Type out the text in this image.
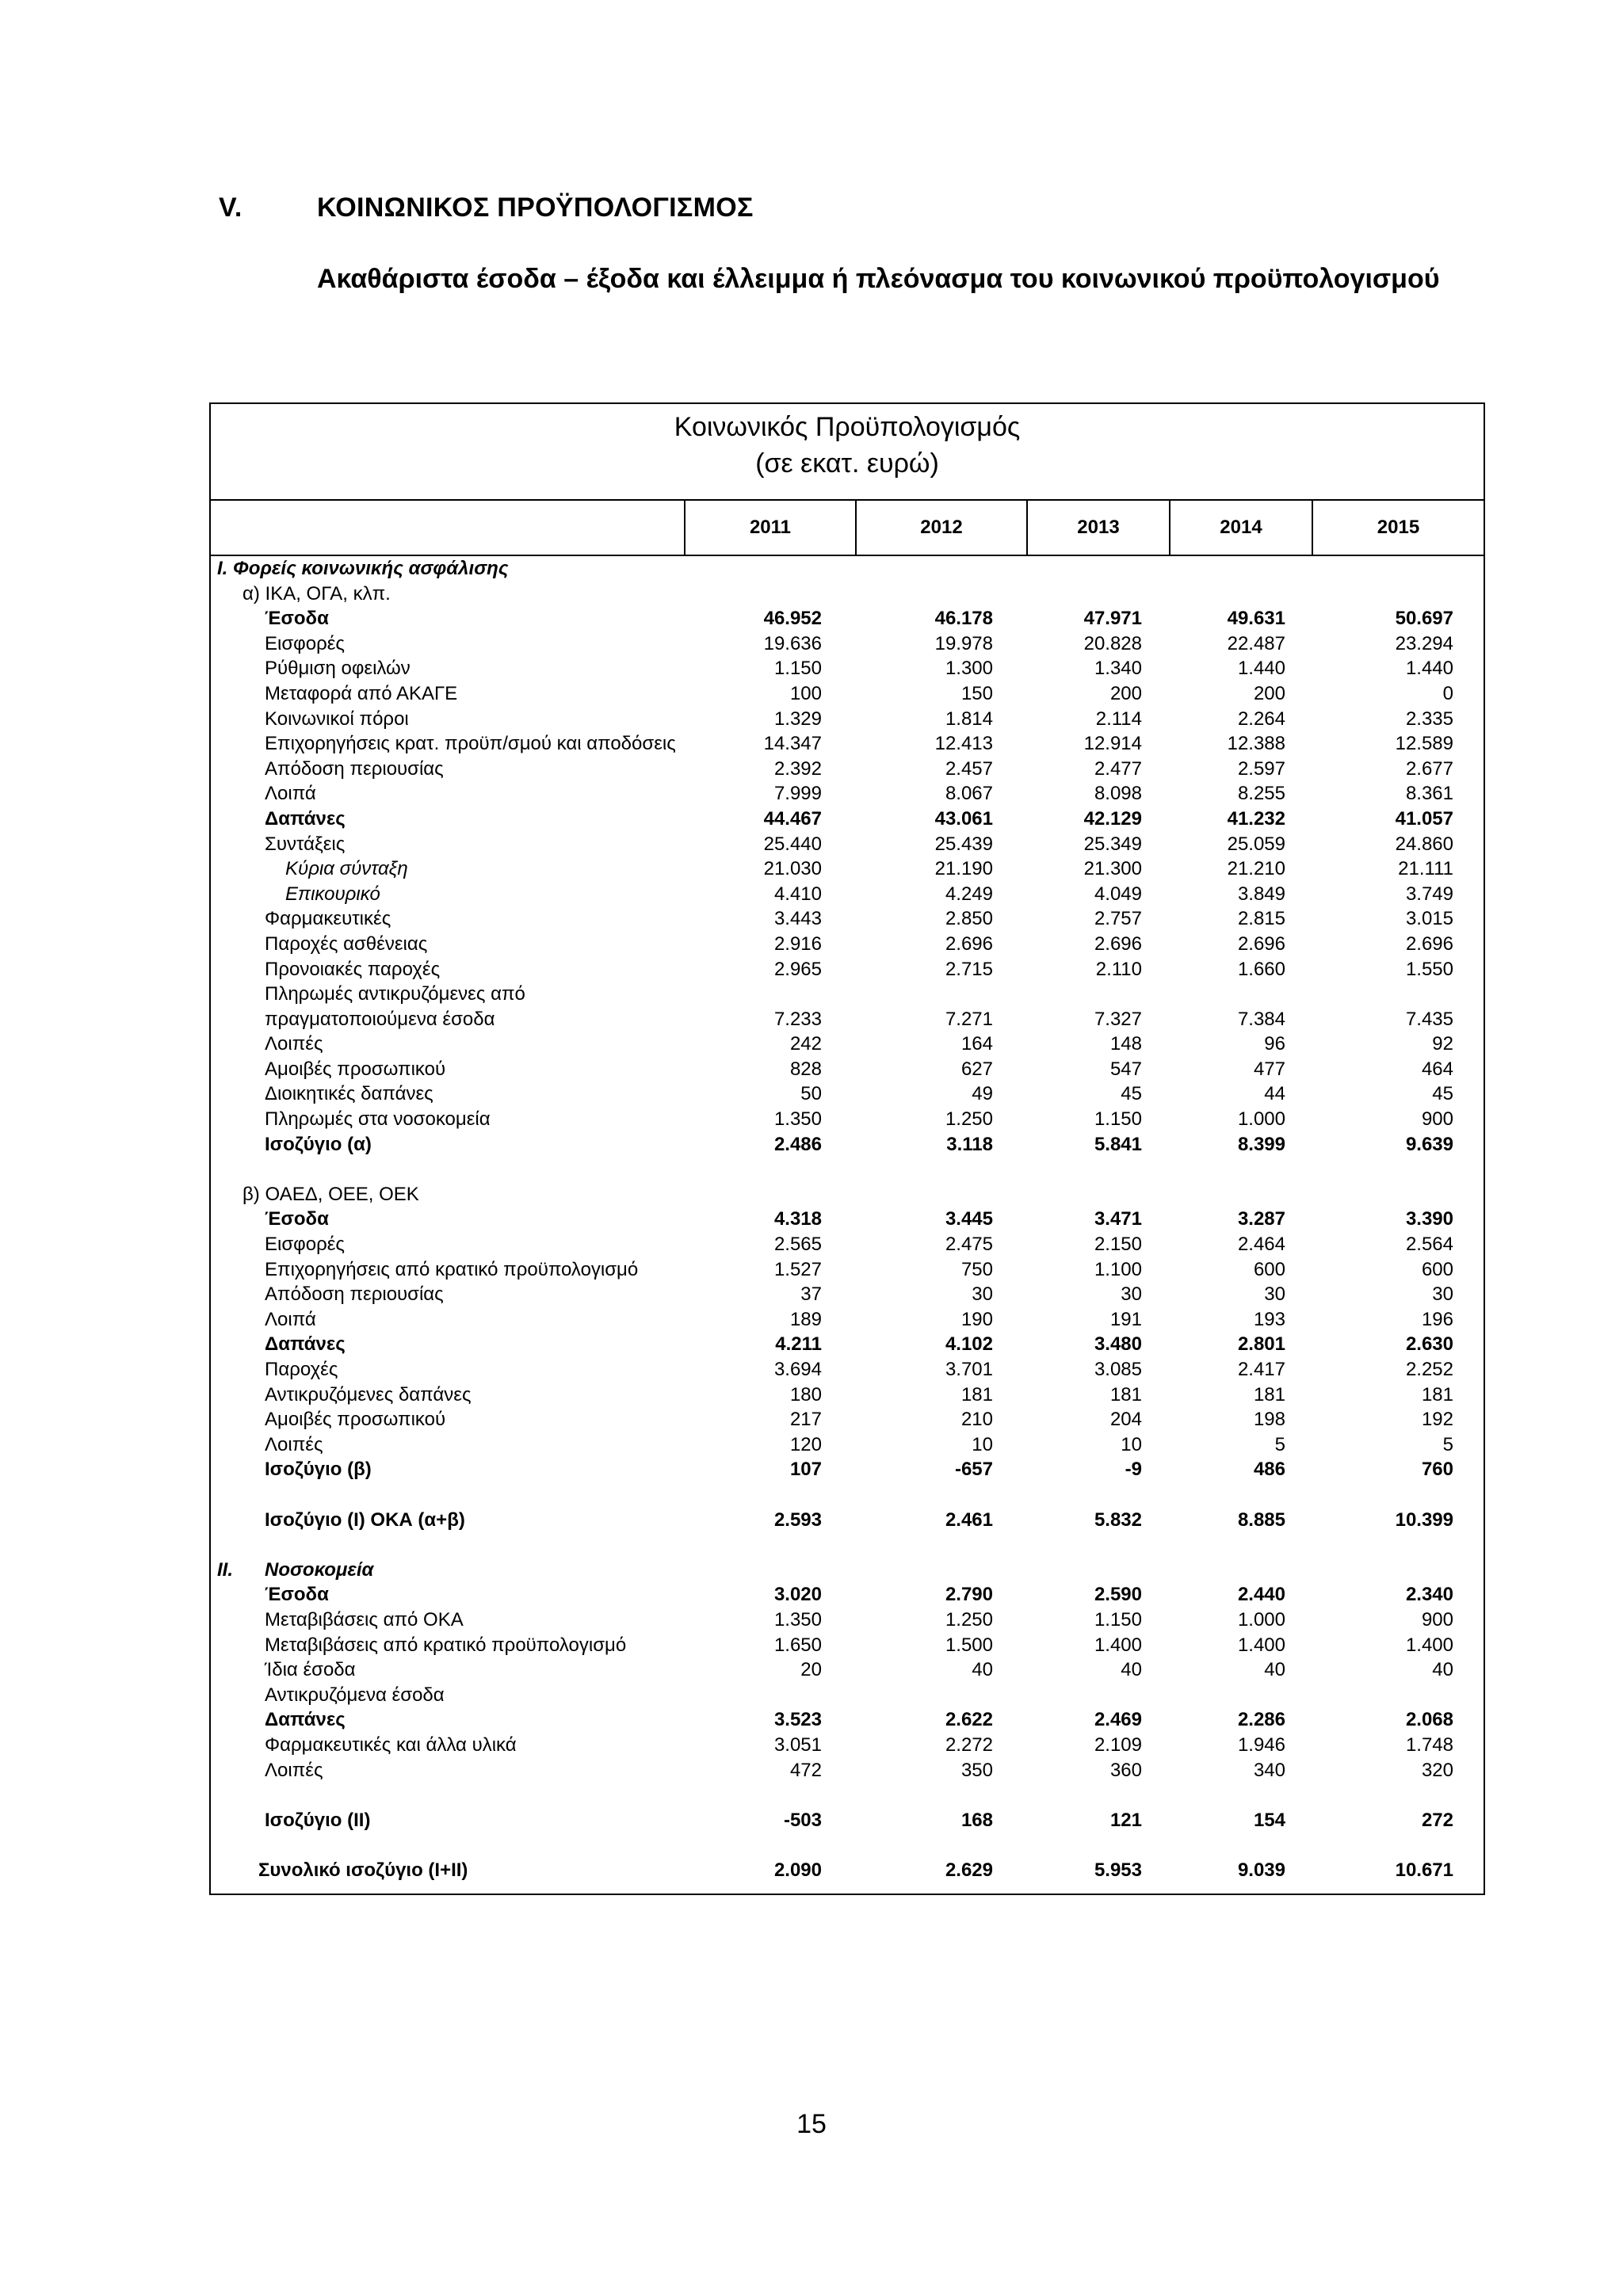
V.	ΚΟΙΝΩΝΙΚΟΣ ΠΡΟΫΠΟΛΟΓΙΣΜΟΣ
Ακαθάριστα έσοδα – έξοδα και έλλειμμα ή πλεόνασμα του κοινωνικού προϋπολογισμού
Κοινωνικός Προϋπολογισμός
(σε εκατ. ευρώ)
2011	2012	2013	2014	2015
I. Φορείς κοινωνικής ασφάλισης
α) ΙΚΑ, ΟΓΑ, κλπ.
Έσοδα	46.952	46.178	47.971	49.631	50.697
Εισφορές	19.636	19.978	20.828	22.487	23.294
Ρύθμιση οφειλών	1.150	1.300	1.340	1.440	1.440
Μεταφορά από ΑΚΑΓΕ	100	150	200	200	0
Κοινωνικοί πόροι	1.329	1.814	2.114	2.264	2.335
Επιχορηγήσεις κρατ. προϋπ/σμού και αποδόσεις	14.347	12.413	12.914	12.388	12.589
Απόδοση περιουσίας	2.392	2.457	2.477	2.597	2.677
Λοιπά	7.999	8.067	8.098	8.255	8.361
Δαπάνες	44.467	43.061	42.129	41.232	41.057
Συντάξεις	25.440	25.439	25.349	25.059	24.860
Κύρια σύνταξη	21.030	21.190	21.300	21.210	21.111
Επικουρικό	4.410	4.249	4.049	3.849	3.749
Φαρμακευτικές	3.443	2.850	2.757	2.815	3.015
Παροχές ασθένειας	2.916	2.696	2.696	2.696	2.696
Προνοιακές παροχές	2.965	2.715	2.110	1.660	1.550
Πληρωμές αντικρυζόμενες από
πραγματοποιούμενα έσοδα	7.233	7.271	7.327	7.384	7.435
Λοιπές	242	164	148	96	92
Αμοιβές προσωπικού	828	627	547	477	464
Διοικητικές δαπάνες	50	49	45	44	45
Πληρωμές στα νοσοκομεία	1.350	1.250	1.150	1.000	900
Ισοζύγιο (α)	2.486	3.118	5.841	8.399	9.639
β) ΟΑΕΔ, ΟΕΕ, ΟΕΚ
Έσοδα	4.318	3.445	3.471	3.287	3.390
Εισφορές	2.565	2.475	2.150	2.464	2.564
Επιχορηγήσεις από κρατικό προϋπολογισμό	1.527	750	1.100	600	600
Απόδοση περιουσίας	37	30	30	30	30
Λοιπά	189	190	191	193	196
Δαπάνες	4.211	4.102	3.480	2.801	2.630
Παροχές	3.694	3.701	3.085	2.417	2.252
Αντικρυζόμενες δαπάνες	180	181	181	181	181
Αμοιβές προσωπικού	217	210	204	198	192
Λοιπές	120	10	10	5	5
Ισοζύγιο (β)	107	-657	-9	486	760
Ισοζύγιο (I) ΟΚΑ (α+β)	2.593	2.461	5.832	8.885	10.399
II. Νοσοκομεία
Έσοδα	3.020	2.790	2.590	2.440	2.340
Μεταβιβάσεις από ΟΚΑ	1.350	1.250	1.150	1.000	900
Μεταβιβάσεις από κρατικό προϋπολογισμό	1.650	1.500	1.400	1.400	1.400
Ίδια έσοδα	20	40	40	40	40
Αντικρυζόμενα έσοδα
Δαπάνες	3.523	2.622	2.469	2.286	2.068
Φαρμακευτικές και άλλα υλικά	3.051	2.272	2.109	1.946	1.748
Λοιπές	472	350	360	340	320
Ισοζύγιο (II)	-503	168	121	154	272
Συνολικό ισοζύγιο (I+II)	2.090	2.629	5.953	9.039	10.671
15
